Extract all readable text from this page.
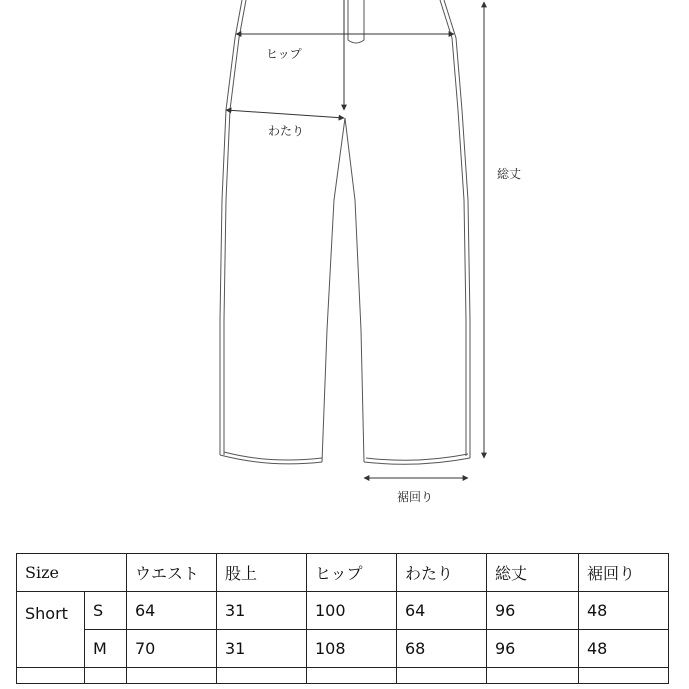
ヒップ
わたり
総丈
裾回り
Size		ウエスト	股上	ヒップ	わたり	総丈	裾回り
Short	S	64	31	100	64	96	48
	M	70	31	108	68	96	48
